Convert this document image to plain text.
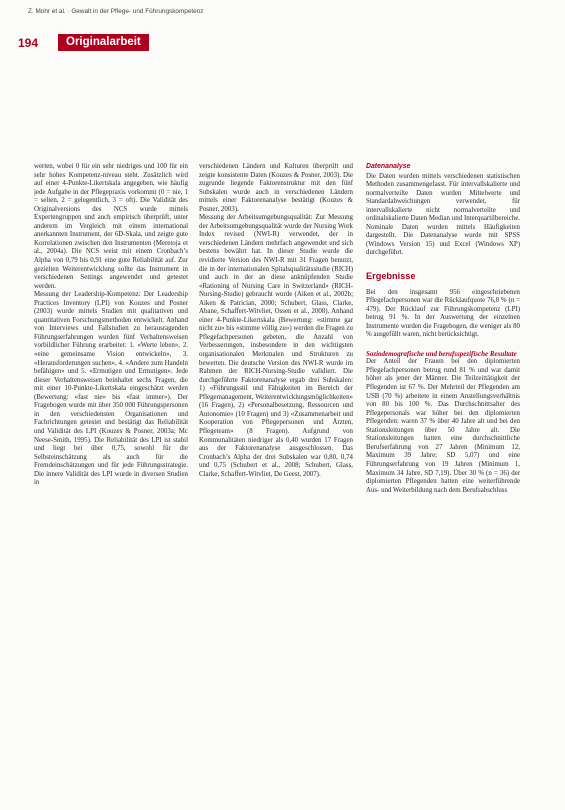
Z. Mohr et al. · Gewalt in der Pflege- und Führungskompetenz
194	Originalarbeit

werten, wobei 0 für ein sehr niedriges und 100 für ein sehr hohes Kompetenz-niveau steht. Zusätzlich wird auf einer 4-Punkte-Likertskala angegeben, wie häufig jede Aufgabe in der Pflegepraxis vorkommt (0 = nie, 1 = selten, 2 = gelegentlich, 3 = oft). Die Validität des Originalversions des NCS wurde mittels Expertengruppen und auch empirisch überprüft, unter anderem im Vergleich mit einem international anerkannten Instrument, der 6D-Skala, und zeigte gute Korrelationen zwischen den Instrumenten (Meretoja et al., 2004a). Die NCS weist mit einem Cronbach’s Alpha von 0,79 bis 0,91 eine gute Reliabilität auf. Zur gezielten Weiterentwicklung sollte das Instrument in verschiedenen Settings angewendet und getestet werden.

Messung der Leadership-Kompetenz: Der Leadership Practices Inventory (LPI) von Kouzes und Posner (2003) wurde mittels Studien mit qualitativen und quantitativen Forschungsmethoden entwickelt. Anhand von Interviews und Fallstudien zu herausragenden Führungserfahrungen wurden fünf Verhaltensweisen vorbildlicher Führung erarbeitet: 1. «Werte leben», 2. «eine gemeinsame Vision entwickeln», 3. «Herausforderungen suchen», 4. «Andere zum Handeln befähigen» und 5. «Ermutigen und Ermutigen». Jede dieser Verhaltensweisen beinhaltet sechs Fragen, die mit einer 10-Punkte-Likertskala eingeschätzt werden (Bewertung: «fast nie» bis «fast immer»). Der Fragebogen wurde mit über 350 000 Führungspersonen in den verschiedensten Organisationen und Fachrichtungen getestet und bestätigt das Reliabilität und Validität des LPI (Kouzes & Posner, 2003a; Mc Neese-Smith, 1995). Die Reliabilität des LPI ist stabil und liegt bei über 0,75, sowohl für die Selbsteinschätzung als auch für die Fremdeinschätzungen und für jede Führungsstrategie. Die innere Validität des LPI wurde in diversen Studien in

verschiedenen Ländern und Kulturen überprüft und zeigte konsistente Daten (Kouzes & Posner, 2003). Die zugrunde liegende Faktorenstruktur mit den fünf Subskalen wurde auch in verschiedenen Ländern mittels einer Faktorenanalyse bestätigt (Kouzes & Posner, 2003).

Messung der Arbeitsumgebungsqualität: Zur Messung der Arbeitsumgebungsqualität wurde der Nursing Work Index revised (NWI-R) verwendet, der in verschiedenen Ländern mehrfach angewendet und sich bestens bewährt hat. In dieser Studie wurde die revidierte Version des NWI-R mit 31 Fragen benutzt, die in der internationalen Spitalsqualitätsstudie (RICH) und auch in der an diese anknüpfenden Studie «Rationing of Nursing Care in Switzerland» (RICH-Nursing-Studie) gebraucht wurde (Aiken et al., 2002b; Aiken & Patrician, 2000; Schubert, Glass, Clarke, Abane, Schaffert-Witvliet, Ossen et al., 2008). Anhand einer 4-Punkte-Likertskala (Bewertung: «stimme gar nicht zu» bis «stimme völlig zu») werden die Fragen zu Pflegefachpersonen gebeten, die Anzahl von Verbesserungen, insbesondere in den wichtigsten organisationalen Merkmalen und Strukturen zu bewerten. Die deutsche Version des NWI-R wurde im Rahmen der RICH-Nursing-Studie validiert. Die durchgeführte Faktorenanalyse ergab drei Subskalen: 1) «Führungsstil und Fähigkeiten im Bereich der Pflegemanagement, Weiterentwicklungsmöglichkeiten» (16 Fragen), 2) «Personalbesetzung, Ressourcen und Autonomie» (10 Fragen) und 3) «Zusammenarbeit und Kooperation von Pflegepersonen und Ärzten, Pflegeteam» (8 Fragen). Aufgrund von Kommunalitäten niedriger als 0,40 wurden 17 Fragen aus der Faktorenanalyse ausgeschlossen. Das Cronbach’s Alpha der drei Subskalen war 0,80, 0,74 und 0,75 (Schubert et al., 2008; Schubert, Glass, Clarke, Schaffert-Witvliet, De Geest, 2007).

Datenanalyse

Die Daten wurden mittels verschiedenen statistischen Methoden zusammengefasst. Für intervallskalierte und normalverteilte Daten wurden Mittelwerte und Standardabweichungen verwendet, für intervallskalierte nicht normalverteilte und ordinalskalierte Daten Median und Interquartilbereiche. Nominale Daten wurden mittels Häufigkeiten dargestellt. Die Datenanalyse wurde mit SPSS (Windows Version 15) und Excel (Windows XP) durchgeführt.

Ergebnisse

Bei den insgesamt 956 eingeschriebenen Pflegefachpersonen war die Rücklaufquote 76,8 % (n = 479). Der Rücklauf zur Führungskompetenz (LPI) betrug 91 %. In der Auswertung der einzelnen Instrumente wurden die Fragebogen, die weniger als 80 % ausgefüllt waren, nicht berücksichtigt.

Soziodemografische und berufsspezifische Resultate

Der Anteil der Frauen bei den diplomierten Pflegefachpersonen betrug rund 81 % und war damit höher als jener der Männer. Die Teilzeittätigkeit der Pflegenden ist 67 %. Der Mehrteil der Pflegenden am USB (70 %) arbeitete in einem Anstellungsverhältnis von 80 bis 100 %. Das Durchschnittsalter des Pflegepersonals war höher bei den diplomierten Pflegenden: waren 37 % über 40 Jahre alt und bei den Stationsleitungen über 50 Jahre alt. Die Stationsleitungen hatten eine durchschnittliche Berufserfahrung von 27 Jahren (Minimum 12, Maximum 39 Jahre; SD 5,07) und eine Führungserfahrung von 19 Jahren (Minimum 1, Maximum 34 Jahre, SD 7,19). Über 30 % (n = 36) der diplomierten Pflegenden hatten eine weiterführende Aus- und Weiterbildung nach dem Berufsabschluss
